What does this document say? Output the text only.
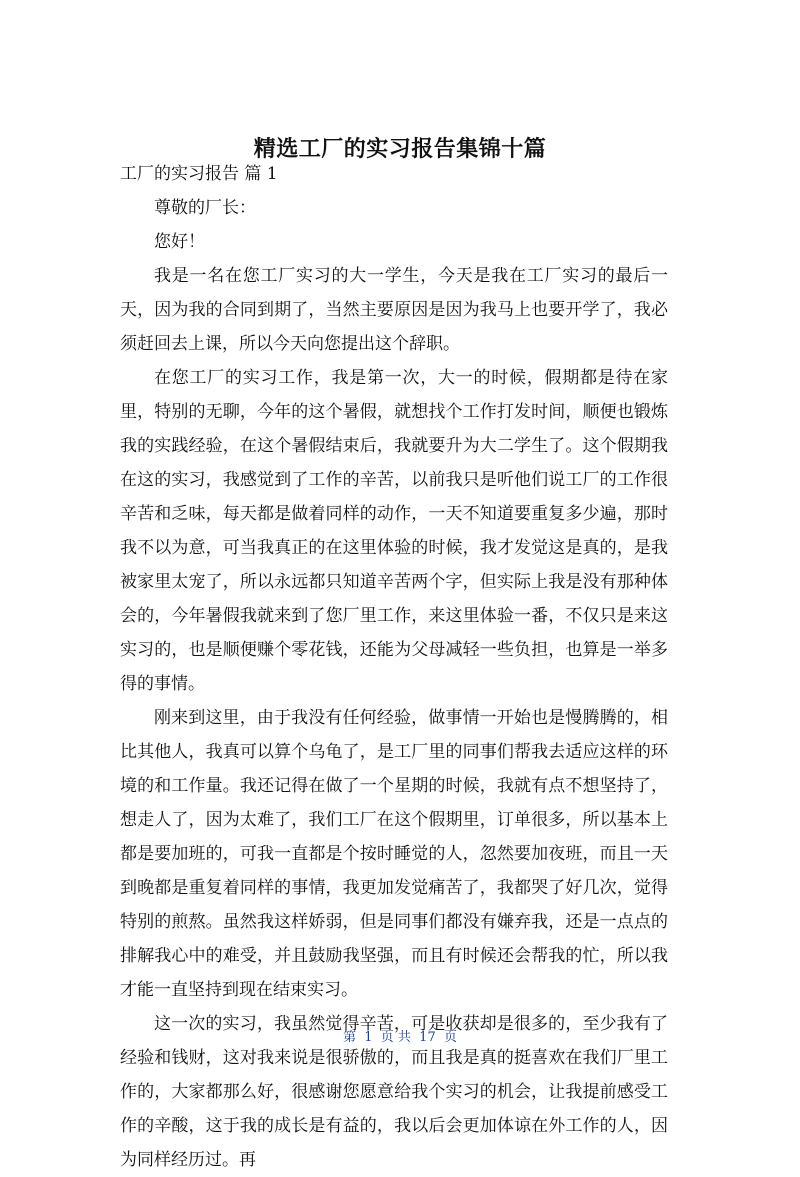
精选工厂的实习报告集锦十篇

工厂的实习报告 篇 1

尊敬的厂长：

您好！

我是一名在您工厂实习的大一学生，今天是我在工厂实习的最后一天，因为我的合同到期了，当然主要原因是因为我马上也要开学了，我必须赶回去上课，所以今天向您提出这个辞职。

在您工厂的实习工作，我是第一次，大一的时候，假期都是待在家里，特别的无聊，今年的这个暑假，就想找个工作打发时间，顺便也锻炼我的实践经验，在这个暑假结束后，我就要升为大二学生了。这个假期我在这的实习，我感觉到了工作的辛苦，以前我只是听他们说工厂的工作很辛苦和乏味，每天都是做着同样的动作，一天不知道要重复多少遍，那时我不以为意，可当我真正的在这里体验的时候，我才发觉这是真的，是我被家里太宠了，所以永远都只知道辛苦两个字，但实际上我是没有那种体会的，今年暑假我就来到了您厂里工作，来这里体验一番，不仅只是来这实习的，也是顺便赚个零花钱，还能为父母减轻一些负担，也算是一举多得的事情。

刚来到这里，由于我没有任何经验，做事情一开始也是慢腾腾的，相比其他人，我真可以算个乌龟了，是工厂里的同事们帮我去适应这样的环境的和工作量。我还记得在做了一个星期的时候，我就有点不想坚持了，想走人了，因为太难了，我们工厂在这个假期里，订单很多，所以基本上都是要加班的，可我一直都是个按时睡觉的人，忽然要加夜班，而且一天到晚都是重复着同样的事情，我更加发觉痛苦了，我都哭了好几次，觉得特别的煎熬。虽然我这样娇弱，但是同事们都没有嫌弃我，还是一点点的排解我心中的难受，并且鼓励我坚强，而且有时候还会帮我的忙，所以我才能一直坚持到现在结束实习。

这一次的实习，我虽然觉得辛苦，可是收获却是很多的，至少我有了经验和钱财，这对我来说是很骄傲的，而且我是真的挺喜欢在我们厂里工作的，大家都那么好，很感谢您愿意给我个实习的机会，让我提前感受工作的辛酸，这于我的成长是有益的，我以后会更加体谅在外工作的人，因为同样经历过。再

第  1  页 共  17  页
